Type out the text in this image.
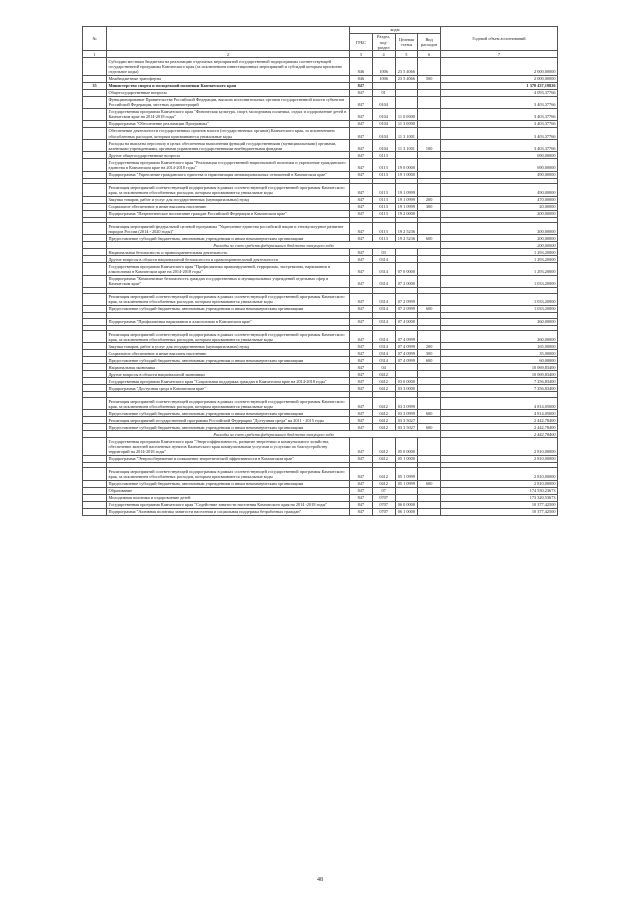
№		коды				Годовой объем ассигнований
		ГРБС	Раздел, под-раздел	Целевая статья	Вид расходов	
1	2	3	4	5	6	7
	Субсидии местным бюджетам на реализацию отдельных мероприятий государственной подпрограммы соответствующей государственной программы Камчатского края (за исключением инвестиционных мероприятий и субсидий которым присвоено отдельное коды)	846	1006	23 5 4066		2 000,00000
	Межбюджетные трансферты	846	1006	23 5 4066	500	2 000,00000
35	Министерство спорта и молодежной политики Камчатского края	847				1 370 437,19826
	Общегосударственные вопросы	847	01			4 093,37766
	Функционирование Правительства Российской Федерации, высших исполнительных органов государственной власти субъектов Российской Федерации, местных администраций	847	0104			3 403,37766
	Государственная программа Камчатского края "Физическая культура, спорт, молодежная политика, отдых и оздоровление детей в Камчатском крае на 2014-2018 годы"	847	0104	11 0 0000		3 403,37766
	Подпрограмма "Обеспечение реализации Программы"	847	0104	11 3 0000		3 403,37766
	Обеспечение деятельности государственных органов власти (государственных органов) Камчатского края, за исключением обособленных расходов, которым присваиваются уникальные коды	847	0104	11 3 1001		3 403,37766
	Расходы на выплаты персоналу в целях обеспечения выполнения функций государственными (муниципальными) органами, казенными учреждениями, органами управления государственными внебюджетными фондами	847	0104	11 3 1001	100	3 403,37766
	Другие общегосударственные вопросы	847	0113			690,00000
	Государственная программа Камчатского края "Реализация государственной национальной политики и укрепление гражданского единства в Камчатском крае на 2014-2018 годы"	847	0113	19 0 0000		690,00000
	Подпрограмма "Укрепление гражданского единства и гармонизация межнациональных отношений в Камчатском крае"	847	0113	19 1 0000		490,00000

	Реализация мероприятий соответствующей подпрограммы в рамках соответствующей государственной программы Камчатского края, за исключением обособленных расходов, которым присваиваются уникальные коды	847	0113	19 1 0999		490,00000
	Закупка товаров, работ и услуг для государственных (муниципальных) нужд	847	0113	19 1 0999	200	470,00000
	Социальное обеспечение и иные выплаты населению	847	0113	19 1 0999	300	20,00000
	Подпрограмма "Патриотическое воспитание граждан Российской Федерации в Камчатском крае"	847	0113	19 2 0000		200,00000

	Реализация мероприятий федеральной целевой программы "Укрепление единства российской нации и этнокультурное развитие народов России (2014 - 2020 годы)"	847	0113	19 2 5236		200,00000
	Предоставление субсидий бюджетным, автономным учреждениям и иным некоммерческим организациям	847	0113	19 2 5236	600	200,00000
	Расходы за счет средств федерального бюджета текущего года					200,00000
	Национальная безопасность и правоохранительная деятельность	847	03			1 293,20000
	Другие вопросы в области национальной безопасности и правоохранительной деятельности	847	0314			1 293,20000
	Государственная программа Камчатского края "Профилактика правонарушений, терроризма, экстремизма, наркомании и алкоголизма в Камчатском крае на 2014-2018 годы"	847	0314	07 0 0000		1 293,20000
	Подпрограмма "Комплексные безопасность граждан государственных и муниципальных учреждений отдельных сфер в Камчатском крае"	847	0314	07 2 0000		1 033,20000

	Реализация мероприятий соответствующей подпрограммы в рамках соответствующей государственной программы Камчатского края, за исключением обособленных расходов, которым присваиваются уникальные коды	847	0314	07 2 0999		1 033,20000
	Предоставление субсидий бюджетным, автономным учреждениям и иным некоммерческим организациям	847	0314	07 2 0999	600	1 033,20000

	Подпрограмма "Профилактика наркомании и алкоголизма в Камчатском крае"	847	0314	07 4 0000		260,00000

	Реализация мероприятий соответствующей подпрограммы в рамках соответствующей государственной программы Камчатского края, за исключением обособленных расходов, которым присваиваются уникальные коды	847	0314	07 4 0999		260,00000
	Закупка товаров, работ и услуг для государственных (муниципальных) нужд	847	0314	07 4 0999	200	165,00000
	Социальное обеспечение и иные выплаты населению	847	0314	07 4 0999	300	35,00000
	Предоставление субсидий бюджетным, автономным учреждениям и иным некоммерческим организациям	847	0314	07 4 0999	600	60,00000
	Национальная экономика	847	04			10 069,83400
	Другие вопросы в области национальной экономики	847	0412			10 069,83400
	Государственная программа Камчатского края "Социальная поддержка граждан в Камчатском крае на 2014-2018 годы"	847	0412	03 0 0000		7 256,83400
	Подпрограмма "Доступная среда в Камчатском крае"	847	0412	03 3 0000		7 256,83400

	Реализация мероприятий соответствующей подпрограммы в рамках соответствующей государственной программы Камчатского края, за исключением обособленных расходов, которым присваиваются уникальные коды	847	0412	03 3 0999		4 814,05000
	Предоставление субсидий бюджетным, автономным учреждениям и иным некоммерческим организациям	847	0412	03 3 0999	600	4 814,05000
	Реализация мероприятий государственной программы Российской Федерации "Доступная среда" на 2011 - 2015 годы	847	0412	03 3 5027		2 442,78400
	Предоставление субсидий бюджетным, автономным учреждениям и иным некоммерческим организациям	847	0412	03 3 5027	600	2 442,78400
	Расходы за счет средств федерального бюджета текущего года					2 442,78400
	Государственная программа Камчатского края "Энергоэффективность, развитие энергетики и коммунального хозяйства, обеспечение жителей населенных пунктов Камчатского края коммунальными услугами и услугами по благоустройству территорий на 2014-2018 годы"	847	0412	05 0 0000		2 810,00000
	Подпрограмма "Энергосбережение и повышение энергетической эффективности в Камчатском крае"	847	0412	05 1 0000		2 810,00000

	Реализация мероприятий соответствующей подпрограммы в рамках соответствующей государственной программы Камчатского края, за исключением обособленных расходов, которым присваиваются уникальные коды	847	0412	05 1 0999		2 810,00000
	Предоставление субсидий бюджетным, автономным учреждениям и иным некоммерческим организациям	847	0412	05 1 0999	600	2 810,00000
	Образование	847	07			174 530,23673
	Молодежная политика и оздоровление детей	847	0707			173 320,53673
	Государственная программа Камчатского края "Содействие занятости населения Камчатского края на 2014 -2018 годы"	847	0707	06 0 0000		10 377,42500
	Подпрограмма "Активная политика занятости населения и социальная поддержка безработных граждан"	847	0707	06 1 0000		10 377,42500
48
